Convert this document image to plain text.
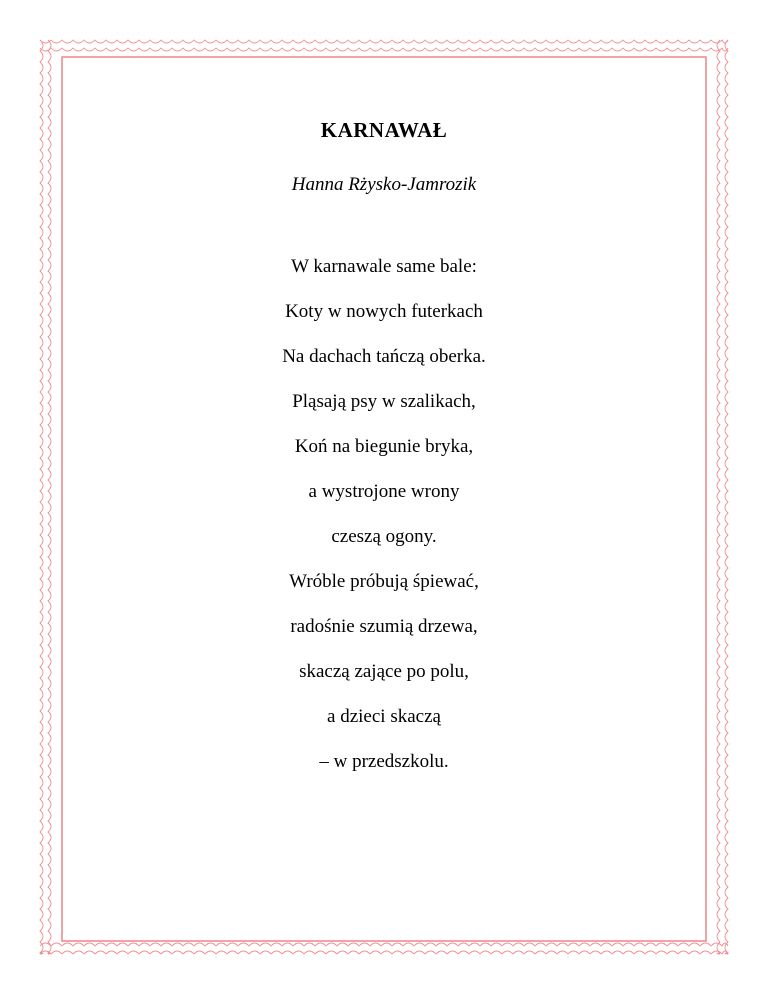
KARNAWAŁ
Hanna Rżysko-Jamrozik
W karnawale same bale:
Koty w nowych futerkach
Na dachach tańczą oberka.
Pląsają psy w szalikach,
Koń na biegunie bryka,
a wystrojone wrony
czeszą ogony.
Wróble próbują śpiewać,
radośnie szumią drzewa,
skaczą zające po polu,
a dzieci skaczą
– w przedszkolu.
